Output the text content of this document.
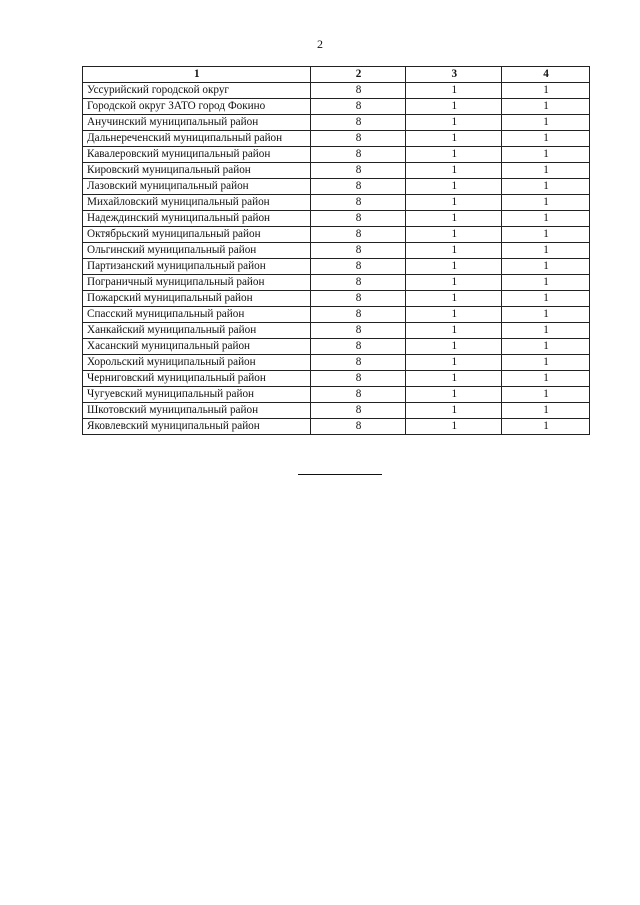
2
1	2	3	4
Уссурийский городской округ	8	1	1
Городской округ ЗАТО город Фокино	8	1	1
Анучинский муниципальный район	8	1	1
Дальнереченский муниципальный район	8	1	1
Кавалеровский муниципальный район	8	1	1
Кировский муниципальный район	8	1	1
Лазовский муниципальный район	8	1	1
Михайловский муниципальный район	8	1	1
Надеждинский муниципальный район	8	1	1
Октябрьский муниципальный район	8	1	1
Ольгинский муниципальный район	8	1	1
Партизанский муниципальный район	8	1	1
Пограничный муниципальный район	8	1	1
Пожарский муниципальный район	8	1	1
Спасский муниципальный район	8	1	1
Ханкайский муниципальный район	8	1	1
Хасанский муниципальный район	8	1	1
Хорольский муниципальный район	8	1	1
Черниговский муниципальный район	8	1	1
Чугуевский муниципальный район	8	1	1
Шкотовский муниципальный район	8	1	1
Яковлевский муниципальный район	8	1	1
